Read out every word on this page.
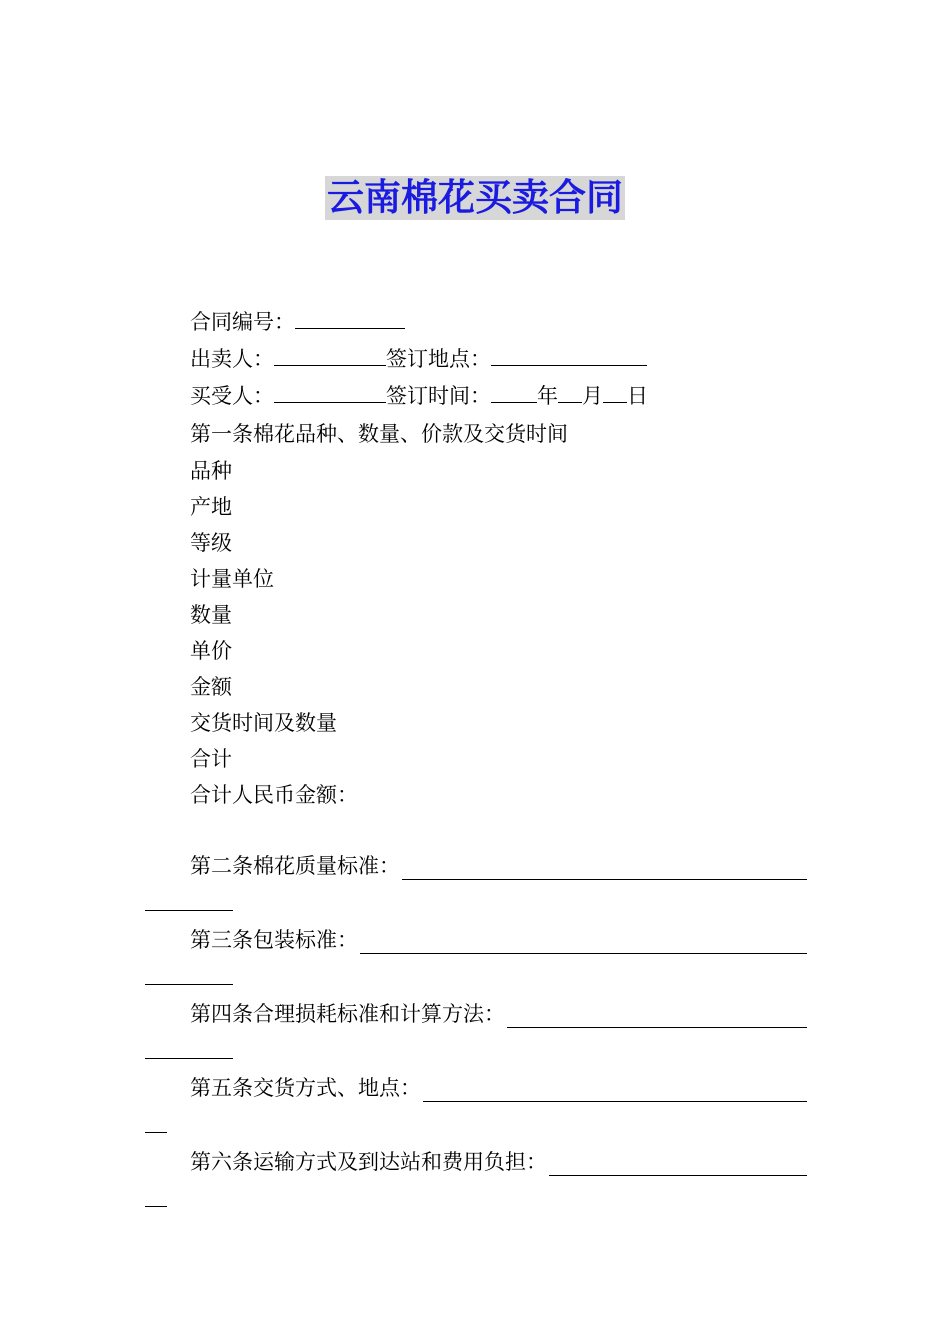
云南棉花买卖合同
合同编号：
出卖人：	签订地点：
买受人：	签订时间： 年 月 日
第一条棉花品种、数量、价款及交货时间
品种
产地
等级
计量单位
数量
单价
金额
交货时间及数量
合计
合计人民币金额：
第二条棉花质量标准：
第三条包装标准：
第四条合理损耗标准和计算方法：
第五条交货方式、地点：
第六条运输方式及到达站和费用负担：
